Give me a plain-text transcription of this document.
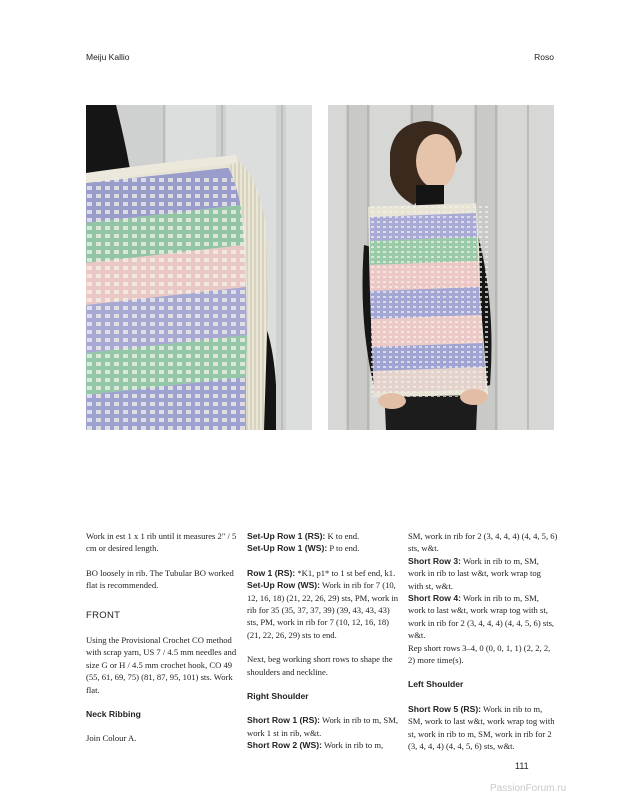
Meiju Kallio	Roso

Work in est 1 x 1 rib until it measures 2" / 5 cm or desired length.

BO loosely in rib. The Tubular BO worked flat is recommended.

FRONT

Using the Provisional Crochet CO method with scrap yarn, US 7 / 4.5 mm needles and size G or H / 4.5 mm crochet hook, CO 49 (55, 61, 69, 75) (81, 87, 95, 101) sts. Work flat.

Neck Ribbing

Join Colour A.

Set-Up Row 1 (RS): K to end.

Set-Up Row 1 (WS): P to end.

Row 1 (RS): *K1, p1* to 1 st bef end, k1.

Set-Up Row (WS): Work in rib for 7 (10, 12, 16, 18) (21, 22, 26, 29) sts, PM, work in rib for 35 (35, 37, 37, 39) (39, 43, 43, 43) sts, PM, work in rib for 7 (10, 12, 16, 18) (21, 22, 26, 29) sts to end.

Next, beg working short rows to shape the shoulders and neckline.

Right Shoulder

Short Row 1 (RS): Work in rib to m, SM, work 1 st in rib, w&t.

Short Row 2 (WS): Work in rib to m,

SM, work in rib for 2 (3, 4, 4, 4) (4, 4, 5, 6) sts, w&t.

Short Row 3: Work in rib to m, SM, work in rib to last w&t, work wrap tog with st, w&t.

Short Row 4: Work in rib to m, SM, work to last w&t, work wrap tog with st, work in rib for 2 (3, 4, 4, 4) (4, 4, 5, 6) sts, w&t.

Rep short rows 3–4, 0 (0, 0, 1, 1) (2, 2, 2, 2) more time(s).

Left Shoulder

Short Row 5 (RS): Work in rib to m, SM, work to last w&t, work wrap tog with st, work in rib to m, SM, work in rib for 2 (3, 4, 4, 4) (4, 4, 5, 6) sts, w&t.

111
PassionForum.ru
